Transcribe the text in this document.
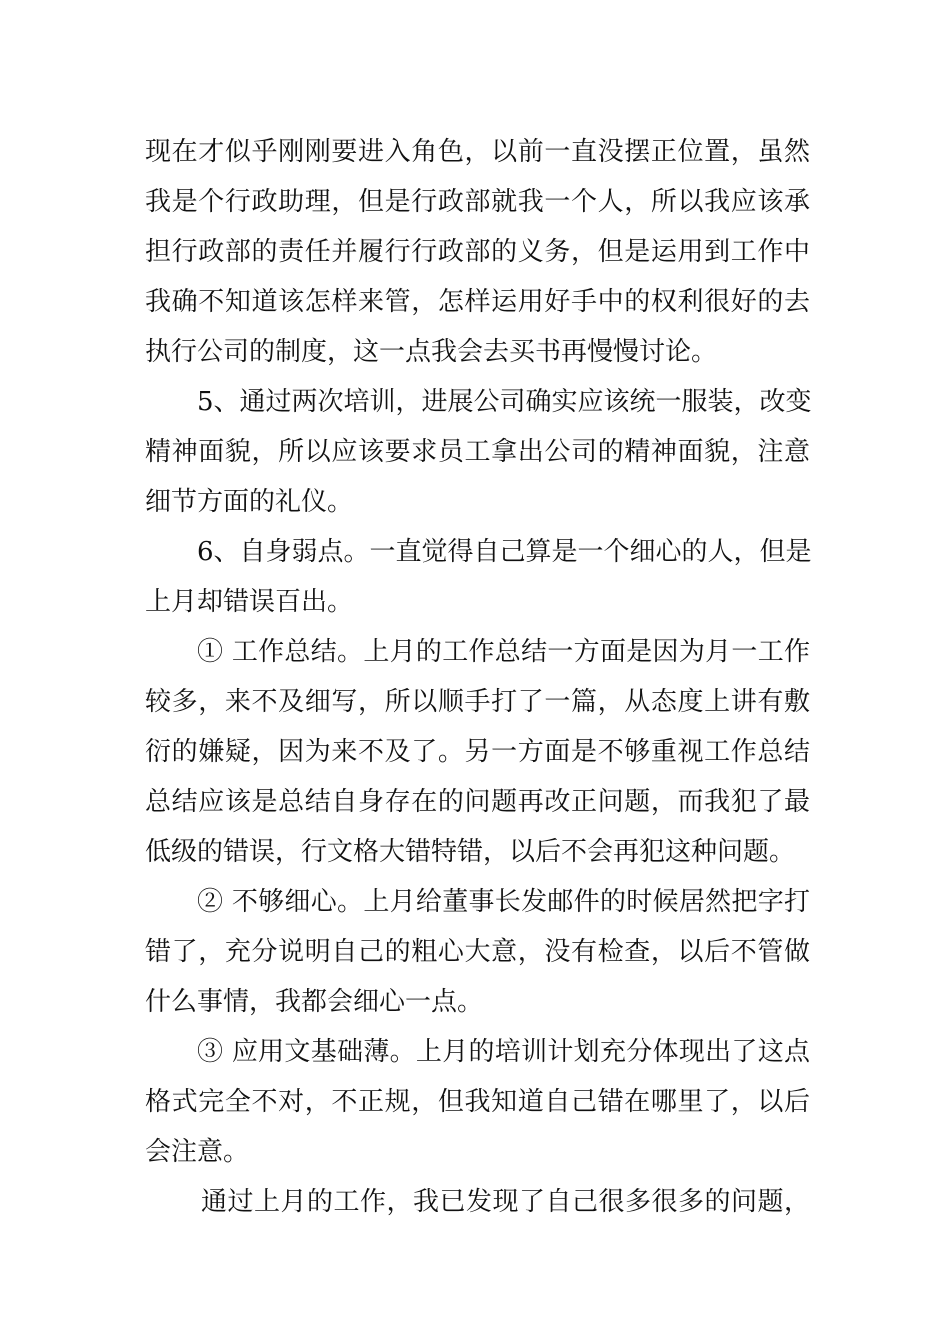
现在才似乎刚刚要进入角色，以前一直没摆正位置，虽然
我是个行政助理，但是行政部就我一个人，所以我应该承
担行政部的责任并履行行政部的义务，但是运用到工作中
我确不知道该怎样来管，怎样运用好手中的权利很好的去
执行公司的制度，这一点我会去买书再慢慢讨论。
5、通过两次培训，进展公司确实应该统一服装，改变
精神面貌，所以应该要求员工拿出公司的精神面貌，注意
细节方面的礼仪。
6、自身弱点。一直觉得自己算是一个细心的人，但是
上月却错误百出。
① 工作总结。上月的工作总结一方面是因为月一工作
较多，来不及细写，所以顺手打了一篇，从态度上讲有敷
衍的嫌疑，因为来不及了。另一方面是不够重视工作总结
总结应该是总结自身存在的问题再改正问题，而我犯了最
低级的错误，行文格大错特错，以后不会再犯这种问题。
② 不够细心。上月给董事长发邮件的时候居然把字打
错了，充分说明自己的粗心大意，没有检查，以后不管做
什么事情，我都会细心一点。
③ 应用文基础薄。上月的培训计划充分体现出了这点
格式完全不对，不正规，但我知道自己错在哪里了，以后
会注意。
通过上月的工作，我已发现了自己很多很多的问题，
